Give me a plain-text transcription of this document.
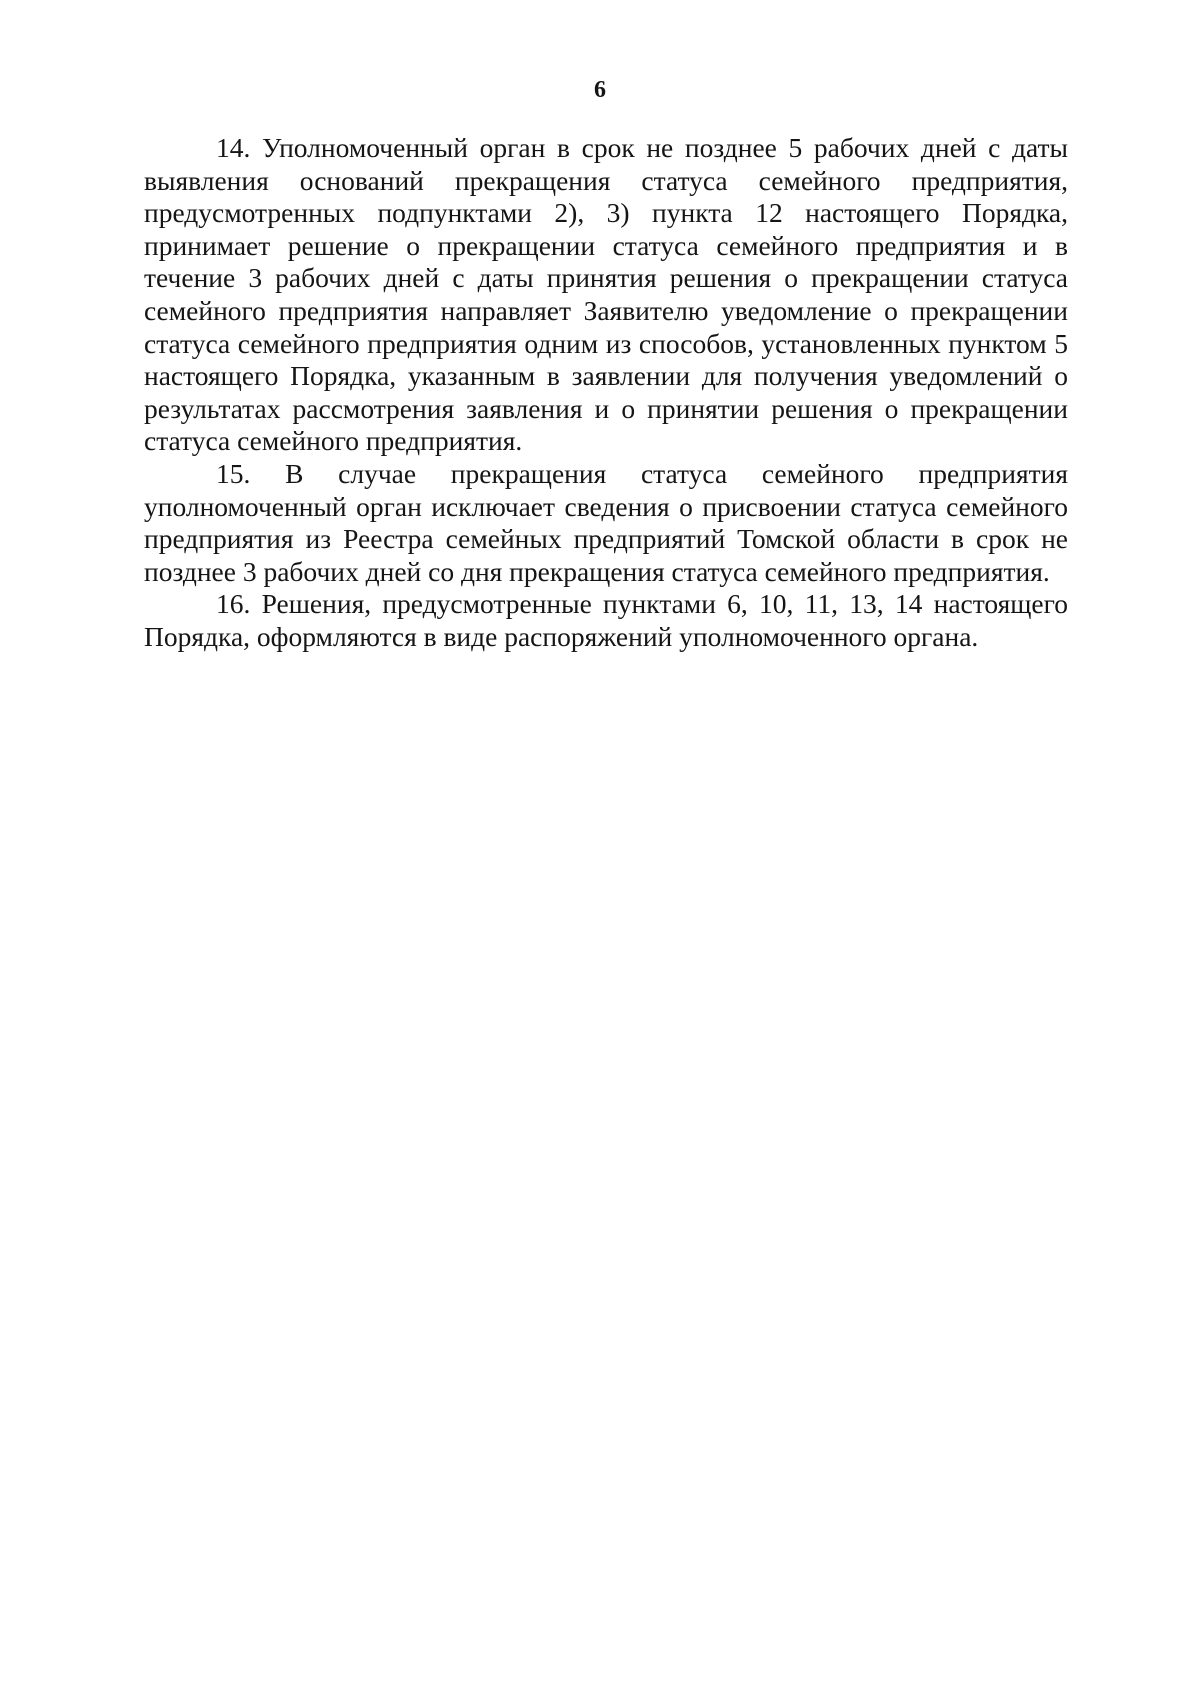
6

14. Уполномоченный орган в срок не позднее 5 рабочих дней с даты выявления оснований прекращения статуса семейного предприятия, предусмотренных подпунктами 2), 3) пункта 12 настоящего Порядка, принимает решение о прекращении статуса семейного предприятия и в течение 3 рабочих дней с даты принятия решения о прекращении статуса семейного предприятия направляет Заявителю уведомление о прекращении статуса семейного предприятия одним из способов, установленных пунктом 5 настоящего Порядка, указанным в заявлении для получения уведомлений о результатах рассмотрения заявления и о принятии решения о прекращении статуса семейного предприятия.

15. В случае прекращения статуса семейного предприятия уполномоченный орган исключает сведения о присвоении статуса семейного предприятия из Реестра семейных предприятий Томской области в срок не позднее 3 рабочих дней со дня прекращения статуса семейного предприятия.

16. Решения, предусмотренные пунктами 6, 10, 11, 13, 14 настоящего Порядка, оформляются в виде распоряжений уполномоченного органа.
